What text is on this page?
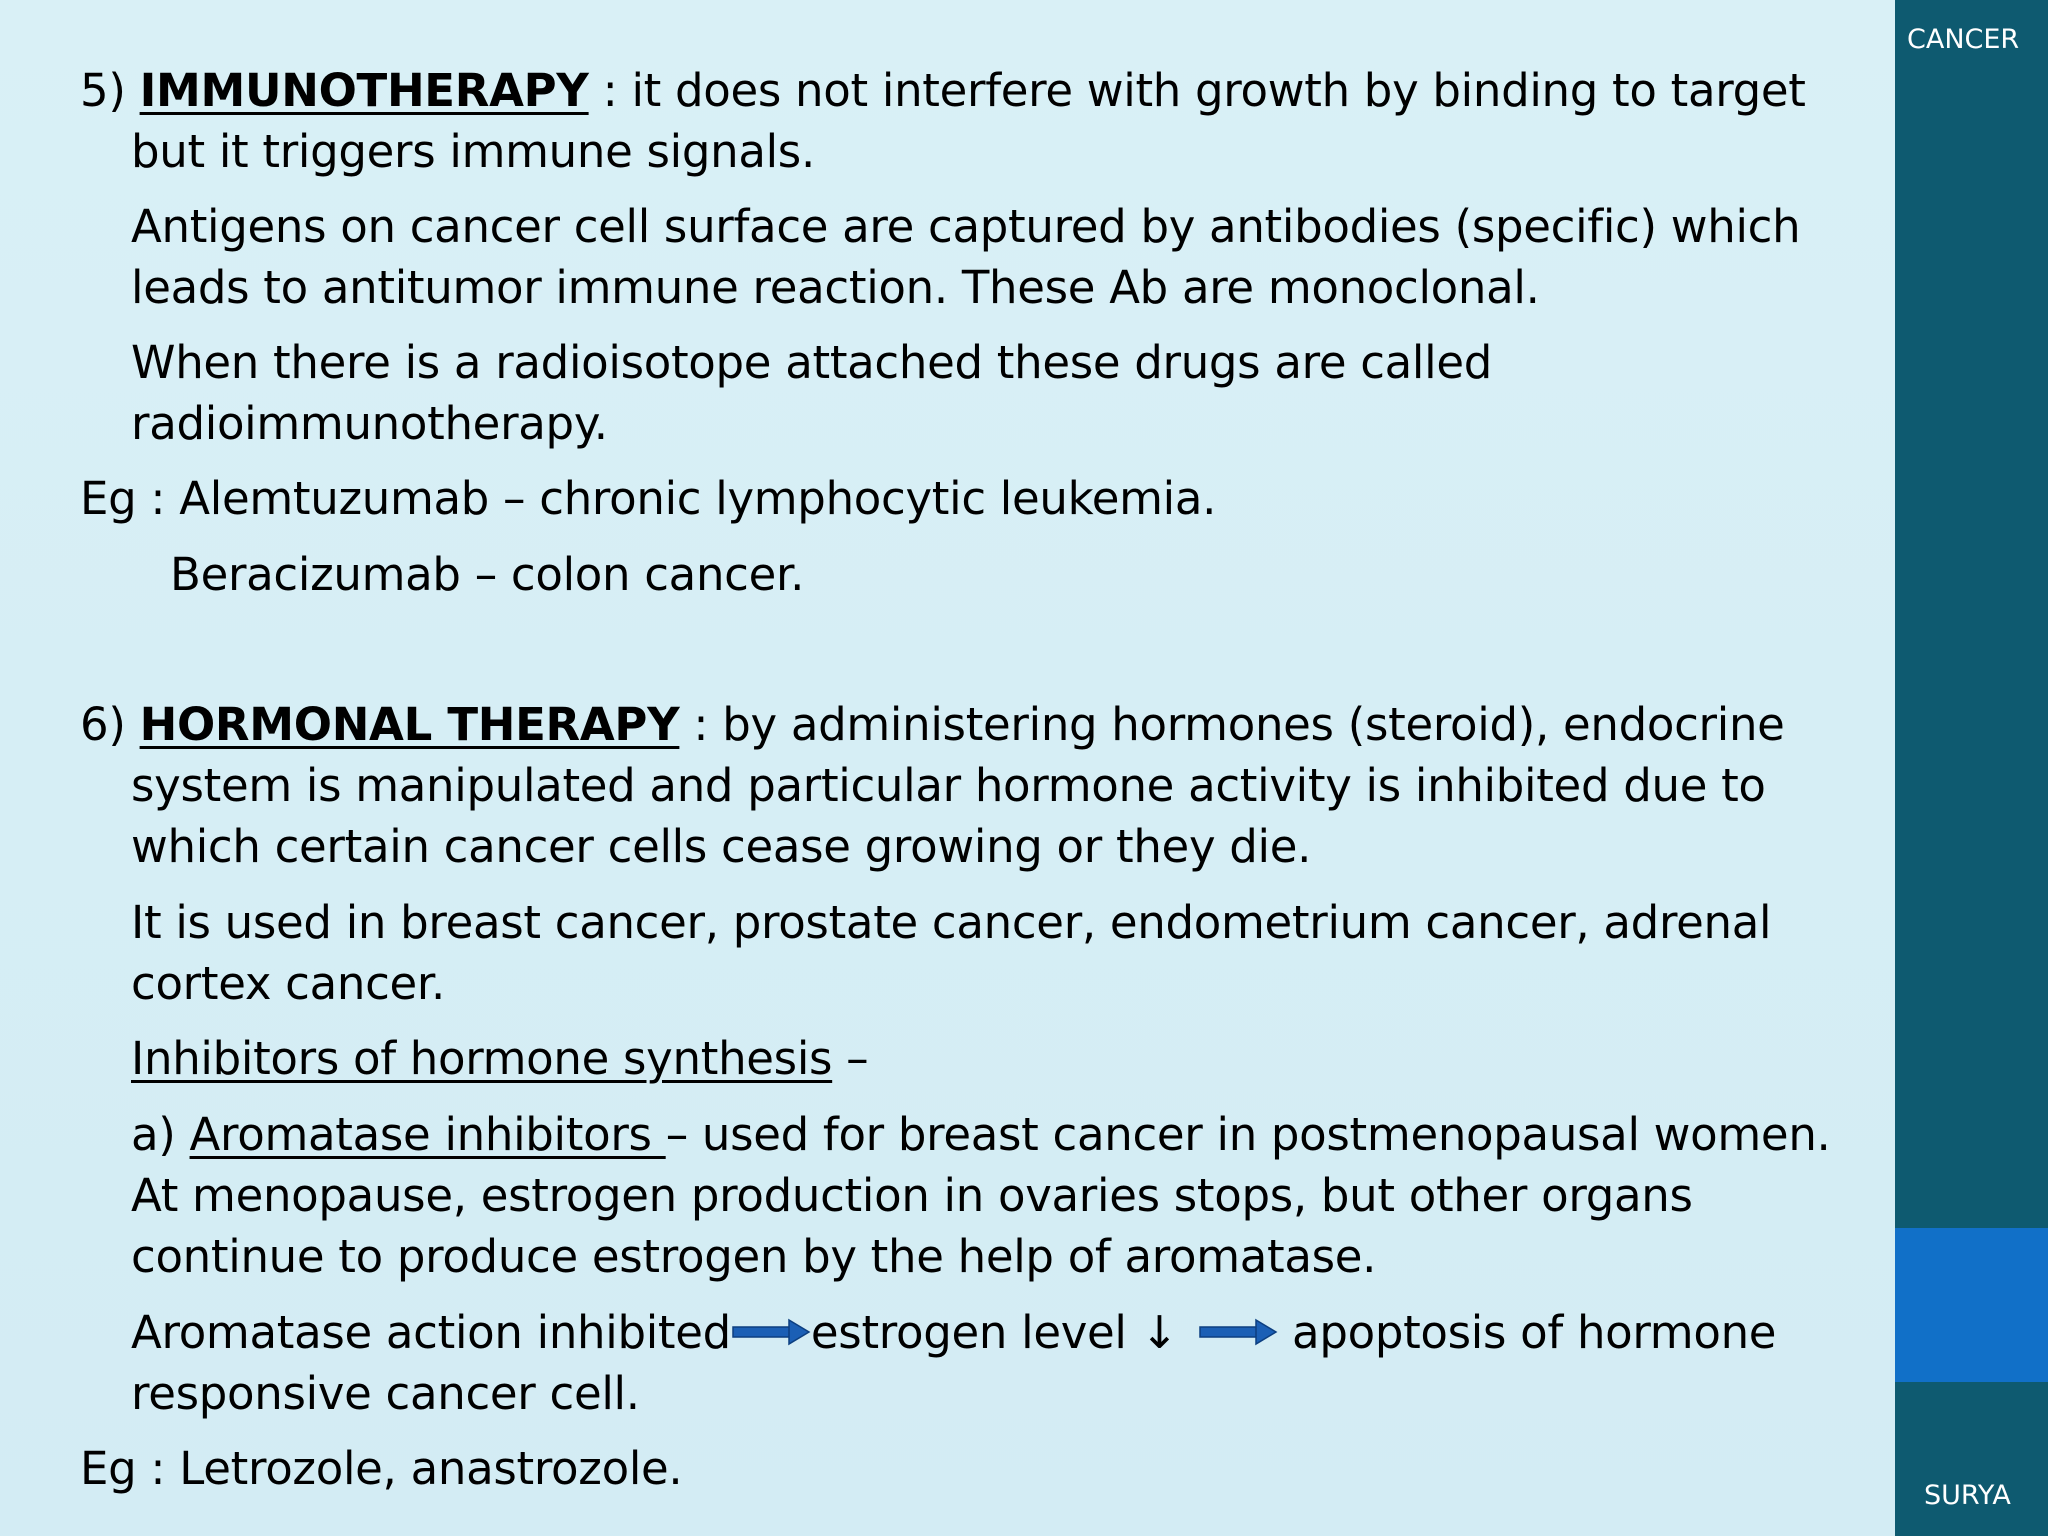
CANCER
SURYA
5) IMMUNOTHERAPY : it does not interfere with growth by binding to target
but it triggers immune signals.
Antigens on cancer cell surface are captured by antibodies (specific) which
leads to antitumor immune reaction. These Ab are monoclonal.
When there is a radioisotope attached these drugs are called
radioimmunotherapy.
Eg : Alemtuzumab – chronic lymphocytic leukemia.
Beracizumab – colon cancer.
6) HORMONAL THERAPY : by administering hormones (steroid), endocrine
system is manipulated and particular hormone activity is inhibited due to
which certain cancer cells cease growing or they die.
It is used in breast cancer, prostate cancer, endometrium cancer, adrenal
cortex cancer.
Inhibitors of hormone synthesis –
a) Aromatase inhibitors – used for breast cancer in postmenopausal women.
At menopause, estrogen production in ovaries stops, but other organs
continue to produce estrogen by the help of aromatase.
Aromatase action inhibited estrogen level ↓  apoptosis of hormone
responsive cancer cell.
Eg : Letrozole, anastrozole.
